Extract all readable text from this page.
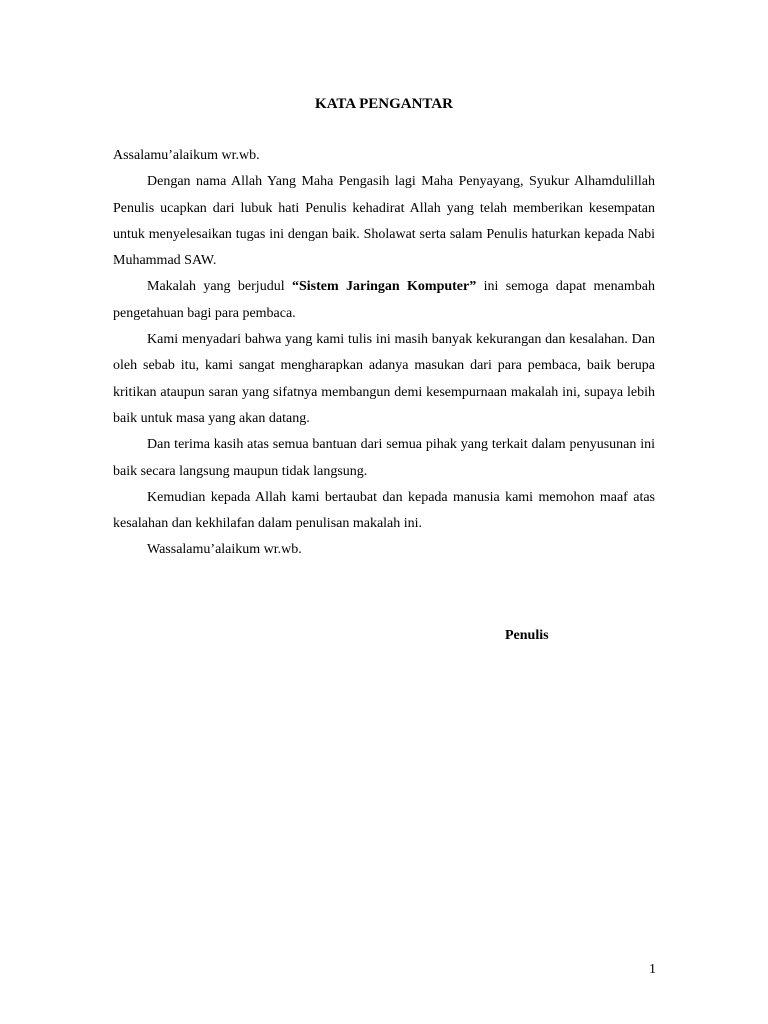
KATA PENGANTAR

Assalamu’alaikum wr.wb.

Dengan nama Allah Yang Maha Pengasih lagi Maha Penyayang, Syukur Alhamdulillah Penulis ucapkan dari lubuk hati Penulis kehadirat Allah yang telah memberikan kesempatan untuk menyelesaikan tugas ini dengan baik. Sholawat serta salam Penulis haturkan kepada Nabi Muhammad SAW.

Makalah yang berjudul “Sistem Jaringan Komputer” ini semoga dapat menambah pengetahuan bagi para pembaca.

Kami menyadari bahwa yang kami tulis ini masih banyak kekurangan dan kesalahan. Dan oleh sebab itu, kami sangat mengharapkan adanya masukan dari para pembaca, baik berupa kritikan ataupun saran yang sifatnya membangun demi kesempurnaan makalah ini, supaya lebih baik untuk masa yang akan datang.

Dan terima kasih atas semua bantuan dari semua pihak yang terkait dalam penyusunan ini baik secara langsung maupun tidak langsung.

Kemudian kepada Allah kami bertaubat dan kepada manusia kami memohon maaf atas kesalahan dan kekhilafan dalam penulisan makalah ini.

Wassalamu’alaikum wr.wb.

Penulis
1
